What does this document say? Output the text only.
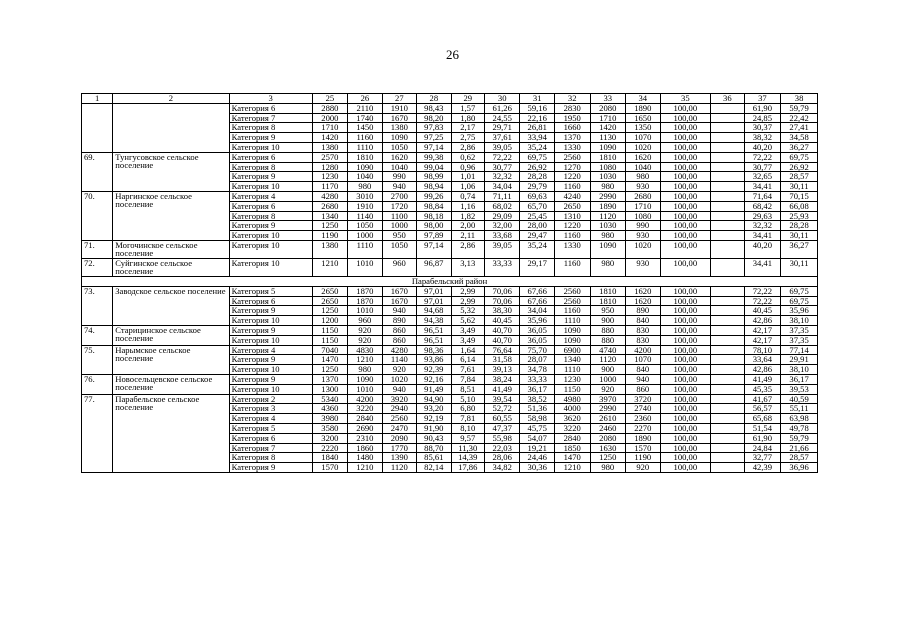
26
1	2	3	25	26	27	28	29	30	31	32	33	34	35	36	37	38
		Категория 6	2880	2110	1910	98,43	1,57	61,26	59,16	2830	2080	1890	100,00		61,90	59,79
		Категория 7	2000	1740	1670	98,20	1,80	24,55	22,16	1950	1710	1650	100,00		24,85	22,42
		Категория 8	1710	1450	1380	97,83	2,17	29,71	26,81	1660	1420	1350	100,00		30,37	27,41
		Категория 9	1420	1160	1090	97,25	2,75	37,61	33,94	1370	1130	1070	100,00		38,32	34,58
		Категория 10	1380	1110	1050	97,14	2,86	39,05	35,24	1330	1090	1020	100,00		40,20	36,27
69.	Тунгусовское сельское поселение	Категория 6	2570	1810	1620	99,38	0,62	72,22	69,75	2560	1810	1620	100,00		72,22	69,75
		Категория 8	1280	1090	1040	99,04	0,96	30,77	26,92	1270	1080	1040	100,00		30,77	26,92
		Категория 9	1230	1040	990	98,99	1,01	32,32	28,28	1220	1030	980	100,00		32,65	28,57
		Категория 10	1170	980	940	98,94	1,06	34,04	29,79	1160	980	930	100,00		34,41	30,11
70.	Наргинское сельское поселение	Категория 4	4280	3010	2700	99,26	0,74	71,11	69,63	4240	2990	2680	100,00		71,64	70,15
		Категория 6	2680	1910	1720	98,84	1,16	68,02	65,70	2650	1890	1710	100,00		68,42	66,08
		Категория 8	1340	1140	1100	98,18	1,82	29,09	25,45	1310	1120	1080	100,00		29,63	25,93
		Категория 9	1250	1050	1000	98,00	2,00	32,00	28,00	1220	1030	990	100,00		32,32	28,28
		Категория 10	1190	1000	950	97,89	2,11	33,68	29,47	1160	980	930	100,00		34,41	30,11
71.	Могочинское сельское поселение	Категория 10	1380	1110	1050	97,14	2,86	39,05	35,24	1330	1090	1020	100,00		40,20	36,27
72.	Суйгинское сельское поселение	Категория 10	1210	1010	960	96,87	3,13	33,33	29,17	1160	980	930	100,00		34,41	30,11
Парабельский район																
73.	Заводское сельское поселение	Категория 5	2650	1870	1670	97,01	2,99	70,06	67,66	2560	1810	1620	100,00		72,22	69,75
		Категория 6	2650	1870	1670	97,01	2,99	70,06	67,66	2560	1810	1620	100,00		72,22	69,75
		Категория 9	1250	1010	940	94,68	5,32	38,30	34,04	1160	950	890	100,00		40,45	35,96
		Категория 10	1200	960	890	94,38	5,62	40,45	35,96	1110	900	840	100,00		42,86	38,10
74.	Старицинское сельское поселение	Категория 9	1150	920	860	96,51	3,49	40,70	36,05	1090	880	830	100,00		42,17	37,35
		Категория 10	1150	920	860	96,51	3,49	40,70	36,05	1090	880	830	100,00		42,17	37,35
75.	Нарымское сельское поселение	Категория 4	7040	4830	4280	98,36	1,64	76,64	75,70	6900	4740	4200	100,00		78,10	77,14
		Категория 9	1470	1210	1140	93,86	6,14	31,58	28,07	1340	1120	1070	100,00		33,64	29,91
		Категория 10	1250	980	920	92,39	7,61	39,13	34,78	1110	900	840	100,00		42,86	38,10
76.	Новосельцевское сельское поселение	Категория 9	1370	1090	1020	92,16	7,84	38,24	33,33	1230	1000	940	100,00		41,49	36,17
		Категория 10	1300	1010	940	91,49	8,51	41,49	36,17	1150	920	860	100,00		45,35	39,53
77.	Парабельское сельское поселение	Категория 2	5340	4200	3920	94,90	5,10	39,54	38,52	4980	3970	3720	100,00		41,67	40,59
		Категория 3	4360	3220	2940	93,20	6,80	52,72	51,36	4000	2990	2740	100,00		56,57	55,11
		Категория 4	3980	2840	2560	92,19	7,81	60,55	58,98	3620	2610	2360	100,00		65,68	63,98
		Категория 5	3580	2690	2470	91,90	8,10	47,37	45,75	3220	2460	2270	100,00		51,54	49,78
		Категория 6	3200	2310	2090	90,43	9,57	55,98	54,07	2840	2080	1890	100,00		61,90	59,79
		Категория 7	2220	1860	1770	88,70	11,30	22,03	19,21	1850	1630	1570	100,00		24,84	21,66
		Категория 8	1840	1480	1390	85,61	14,39	28,06	24,46	1470	1250	1190	100,00		32,77	28,57
		Категория 9	1570	1210	1120	82,14	17,86	34,82	30,36	1210	980	920	100,00		42,39	36,96
